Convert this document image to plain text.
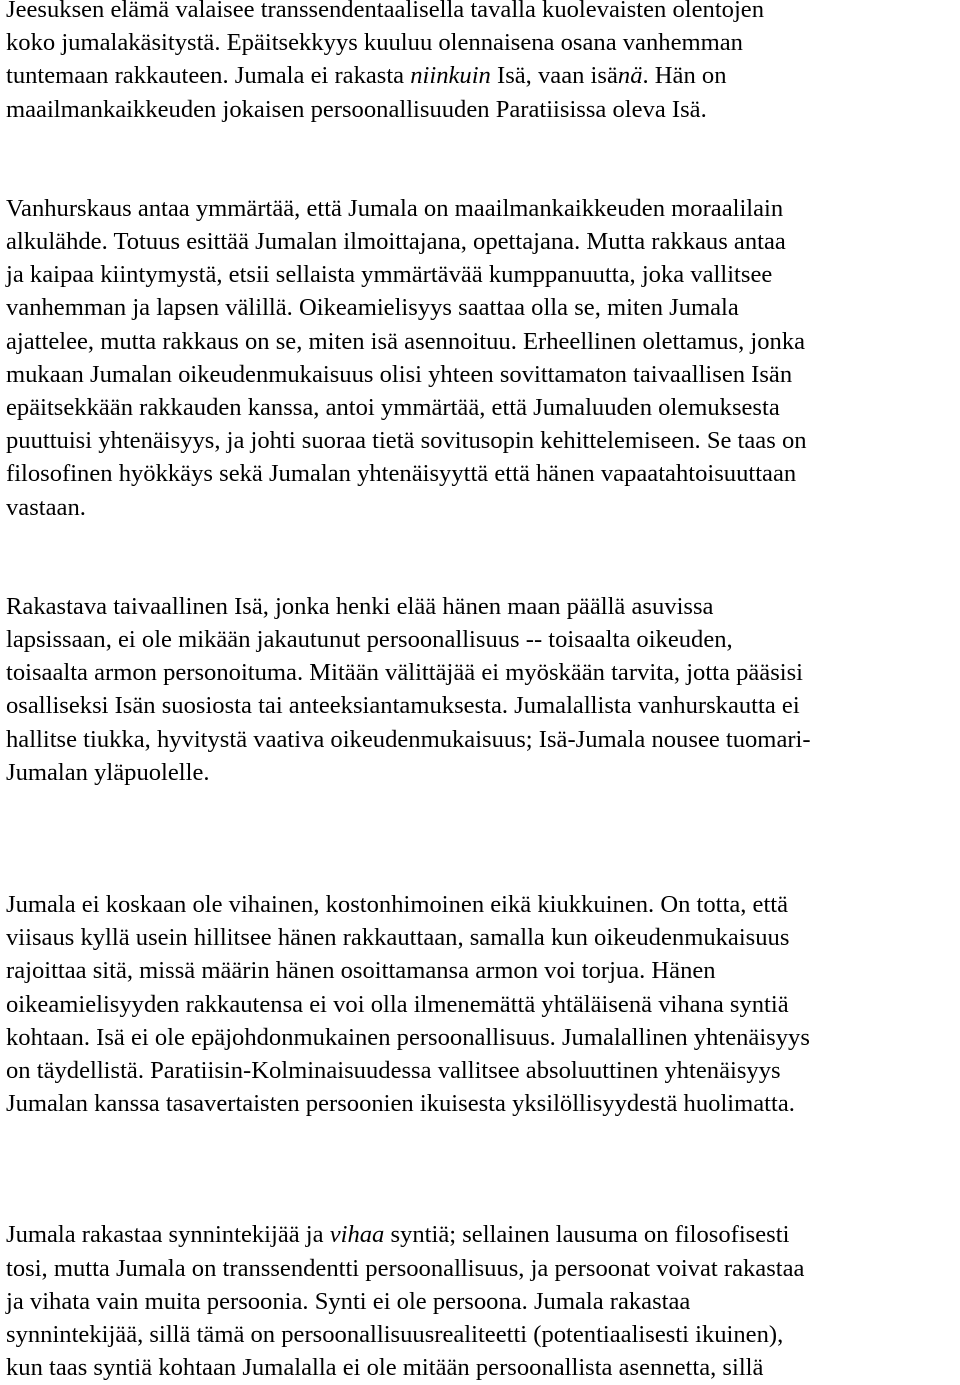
Jeesuksen elämä valaisee transsendentaalisella tavalla kuolevaisten olentojen
koko jumalakäsitystä. Epäitsekkyys kuuluu olennaisena osana vanhemman
tuntemaan rakkauteen. Jumala ei rakasta niinkuin Isä, vaan isänä. Hän on
maailmankaikkeuden jokaisen persoonallisuuden Paratiisissa oleva Isä.

Vanhurskaus antaa ymmärtää, että Jumala on maailmankaikkeuden moraalilain
alkulähde. Totuus esittää Jumalan ilmoittajana, opettajana. Mutta rakkaus antaa
ja kaipaa kiintymystä, etsii sellaista ymmärtävää kumppanuutta, joka vallitsee
vanhemman ja lapsen välillä. Oikeamielisyys saattaa olla se, miten Jumala
ajattelee, mutta rakkaus on se, miten isä asennoituu. Erheellinen olettamus, jonka
mukaan Jumalan oikeudenmukaisuus olisi yhteen sovittamaton taivaallisen Isän
epäitsekkään rakkauden kanssa, antoi ymmärtää, että Jumaluuden olemuksesta
puuttuisi yhtenäisyys, ja johti suoraa tietä sovitusopin kehittelemiseen. Se taas on
filosofinen hyökkäys sekä Jumalan yhtenäisyyttä että hänen vapaatahtoisuuttaan
vastaan.

Rakastava taivaallinen Isä, jonka henki elää hänen maan päällä asuvissa
lapsissaan, ei ole mikään jakautunut persoonallisuus -- toisaalta oikeuden,
toisaalta armon personoituma. Mitään välittäjää ei myöskään tarvita, jotta pääsisi
osalliseksi Isän suosiosta tai anteeksiantamuksesta. Jumalallista vanhurskautta ei
hallitse tiukka, hyvitystä vaativa oikeudenmukaisuus; Isä-Jumala nousee tuomari-
Jumalan yläpuolelle.

Jumala ei koskaan ole vihainen, kostonhimoinen eikä kiukkuinen. On totta, että
viisaus kyllä usein hillitsee hänen rakkauttaan, samalla kun oikeudenmukaisuus
rajoittaa sitä, missä määrin hänen osoittamansa armon voi torjua. Hänen
oikeamielisyyden rakkautensa ei voi olla ilmenemättä yhtäläisenä vihana syntiä
kohtaan. Isä ei ole epäjohdonmukainen persoonallisuus. Jumalallinen yhtenäisyys
on täydellistä. Paratiisin-Kolminaisuudessa vallitsee absoluuttinen yhtenäisyys
Jumalan kanssa tasavertaisten persoonien ikuisesta yksilöllisyydestä huolimatta.

Jumala rakastaa synnintekijää ja vihaa syntiä; sellainen lausuma on filosofisesti
tosi, mutta Jumala on transsendentti persoonallisuus, ja persoonat voivat rakastaa
ja vihata vain muita persoonia. Synti ei ole persoona. Jumala rakastaa
synnintekijää, sillä tämä on persoonallisuusrealiteetti (potentiaalisesti ikuinen),
kun taas syntiä kohtaan Jumalalla ei ole mitään persoonallista asennetta, sillä
